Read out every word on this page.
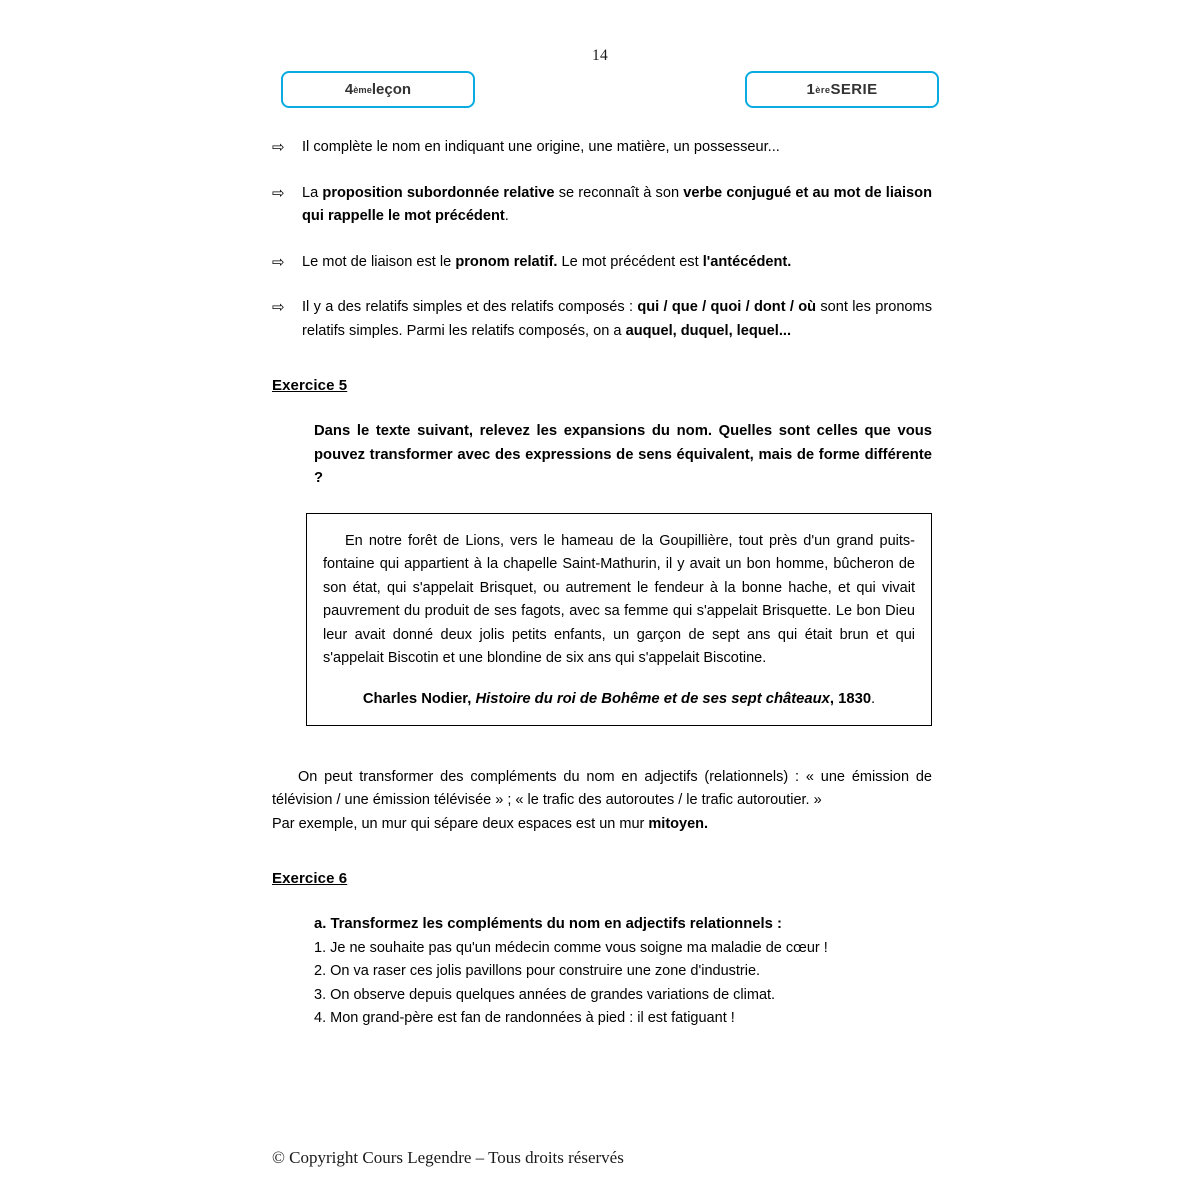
14
4 ème leçon	1 ère SERIE
⇨	Il complète le nom en indiquant une origine, une matière, un possesseur...
⇨	La proposition subordonnée relative se reconnaît à son verbe conjugué et au mot de liaison qui rappelle le mot précédent.
⇨	Le mot de liaison est le pronom relatif. Le mot précédent est l'antécédent.
⇨	Il y a des relatifs simples et des relatifs composés : qui / que / quoi / dont / où sont les pronoms relatifs simples. Parmi les relatifs composés, on a auquel, duquel, lequel...
Exercice 5
Dans le texte suivant, relevez les expansions du nom. Quelles sont celles que vous pouvez transformer avec des expressions de sens équivalent, mais de forme différente ?
En notre forêt de Lions, vers le hameau de la Goupillière, tout près d'un grand puits-fontaine qui appartient à la chapelle Saint-Mathurin, il y avait un bon homme, bûcheron de son état, qui s'appelait Brisquet, ou autrement le fendeur à la bonne hache, et qui vivait pauvrement du produit de ses fagots, avec sa femme qui s'appelait Brisquette. Le bon Dieu leur avait donné deux jolis petits enfants, un garçon de sept ans qui était brun et qui s'appelait Biscotin et une blondine de six ans qui s'appelait Biscotine.
Charles Nodier, Histoire du roi de Bohême et de ses sept châteaux, 1830.
On peut transformer des compléments du nom en adjectifs (relationnels) : « une émission de télévision / une émission télévisée » ; « le trafic des autoroutes / le trafic autoroutier. »
Par exemple, un mur qui sépare deux espaces est un mur mitoyen.
Exercice 6
a. Transformez les compléments du nom en adjectifs relationnels :
1. Je ne souhaite pas qu'un médecin comme vous soigne ma maladie de cœur !
2. On va raser ces jolis pavillons pour construire une zone d'industrie.
3. On observe depuis quelques années de grandes variations de climat.
4. Mon grand-père est fan de randonnées à pied : il est fatiguant !
© Copyright Cours Legendre – Tous droits réservés
